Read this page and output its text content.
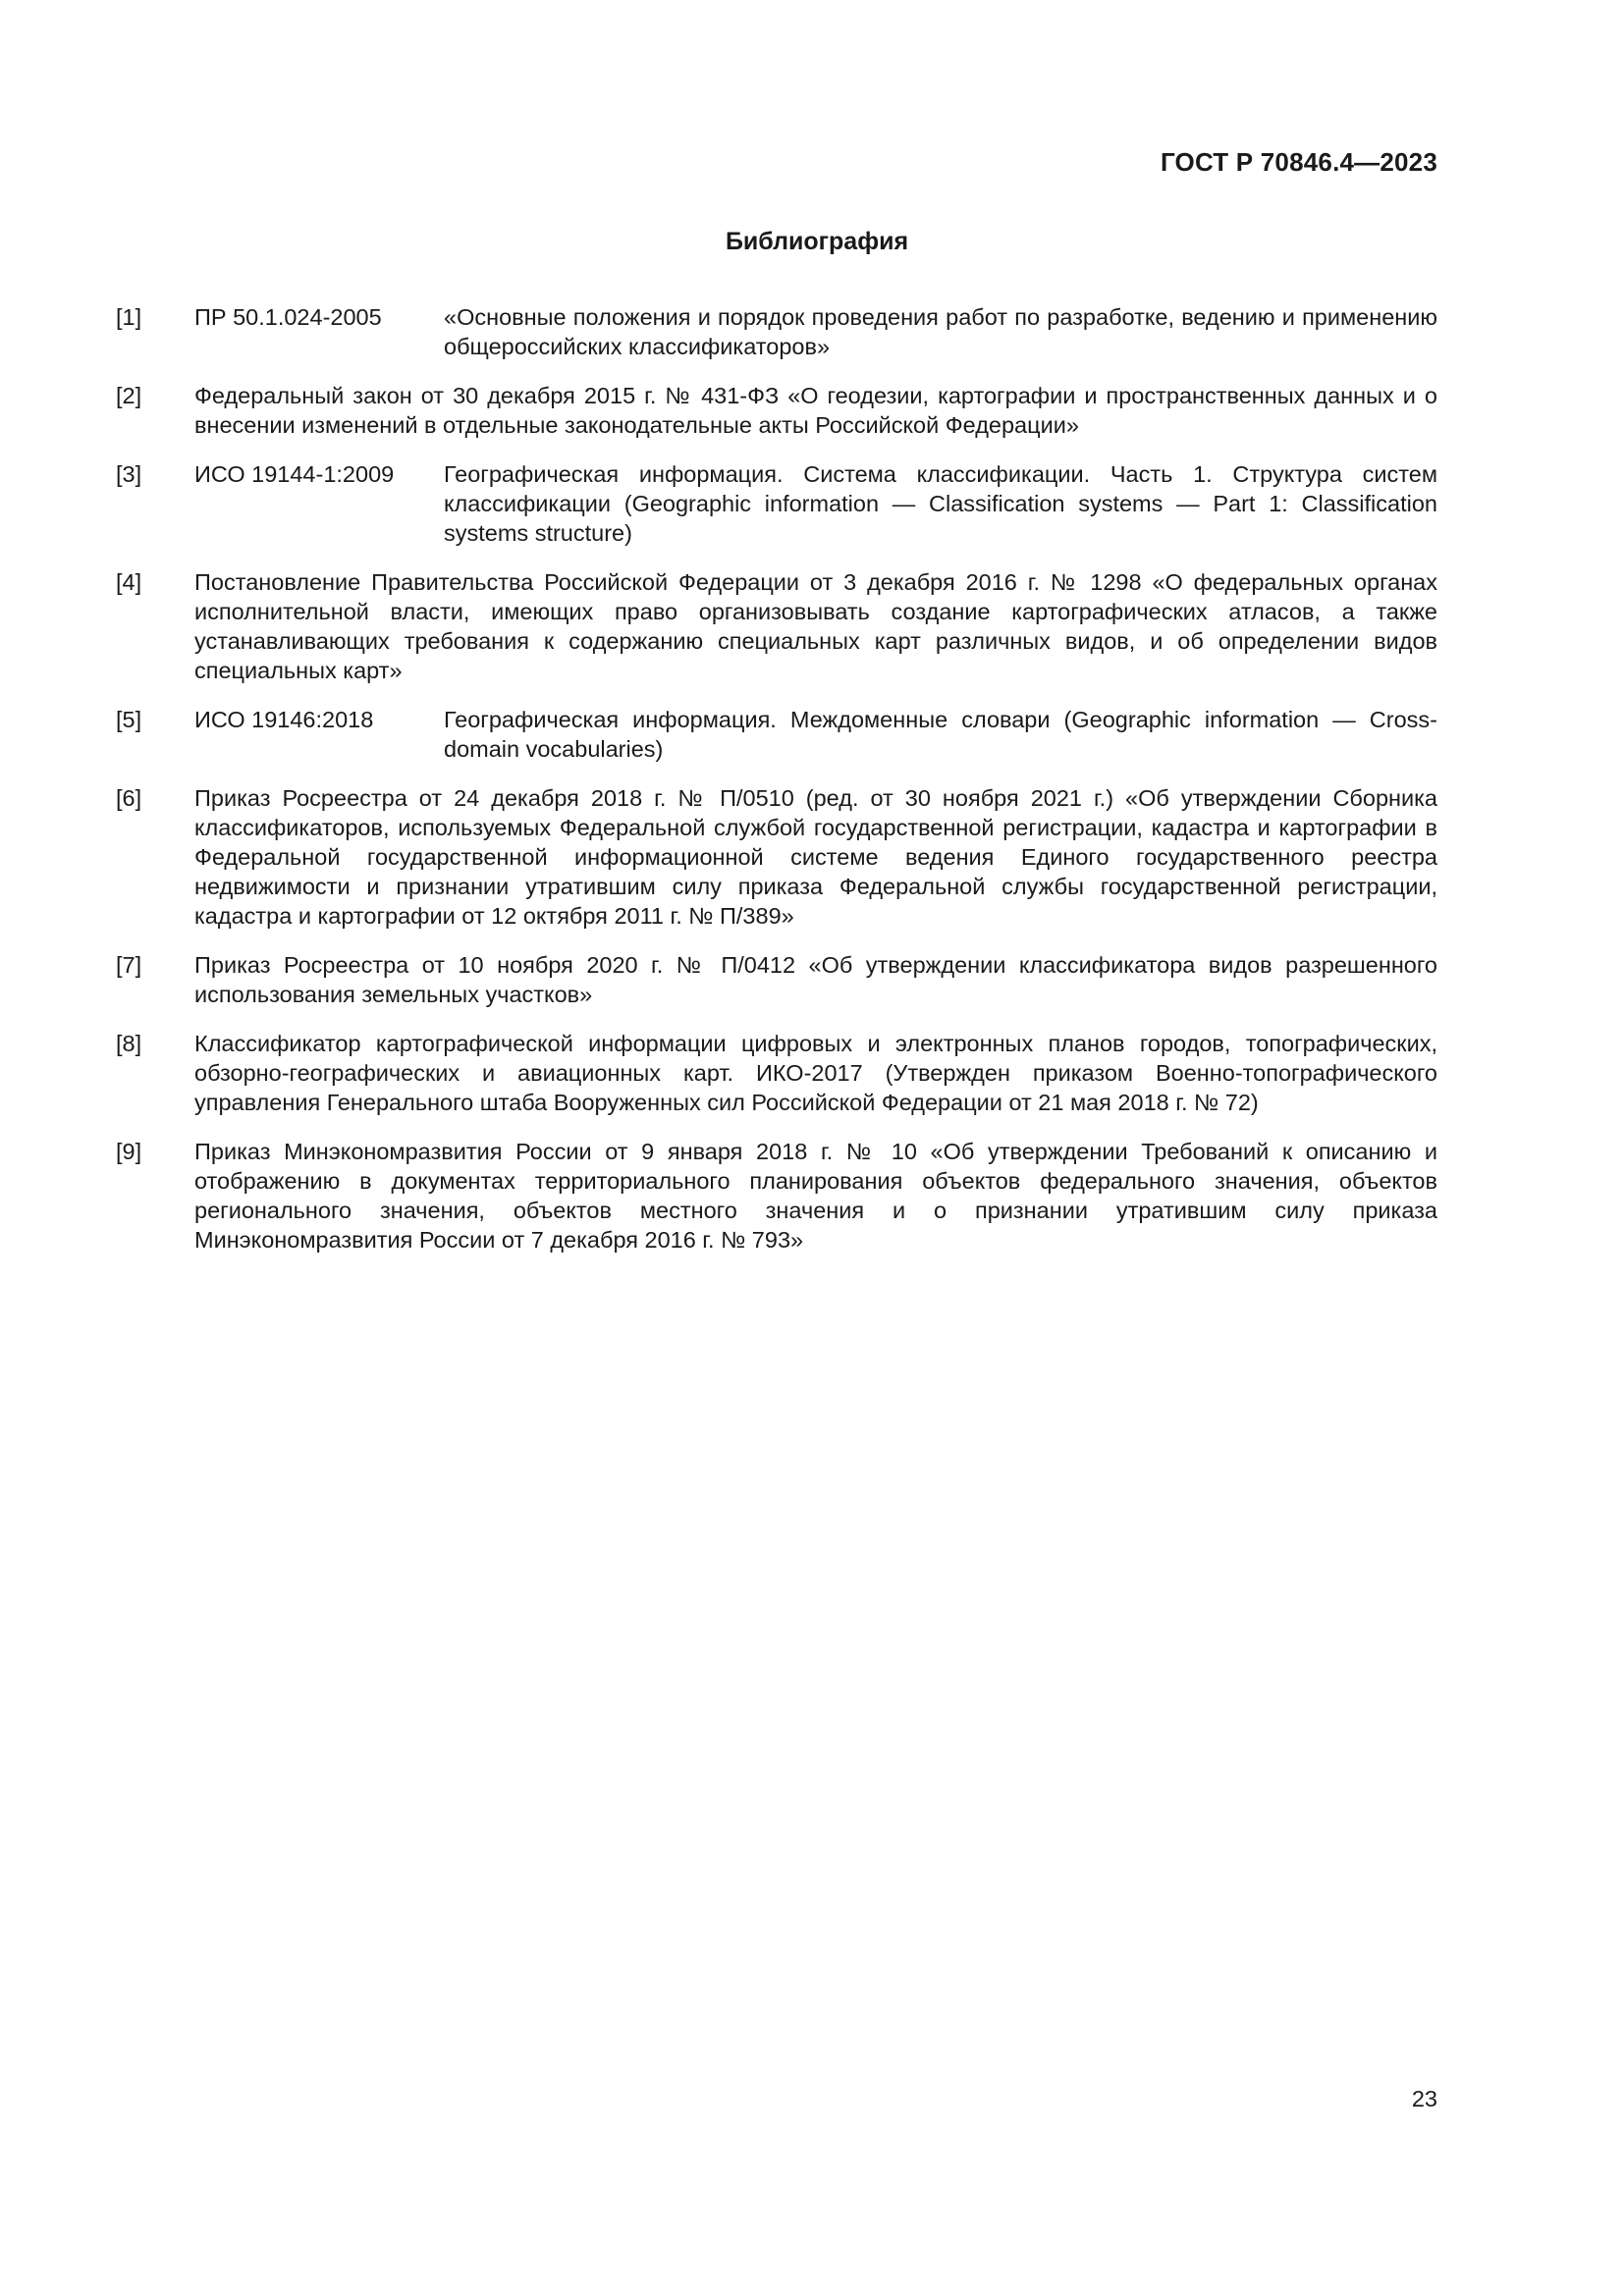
ГОСТ Р 70846.4—2023
Библиография
[1] ПР 50.1.024-2005	«Основные положения и порядок проведения работ по разработке, ведению и применению общероссийских классификаторов»
[2] Федеральный закон от 30 декабря 2015 г. № 431-ФЗ «О геодезии, картографии и пространственных данных и о внесении изменений в отдельные законодательные акты Российской Федерации»
[3] ИСО 19144-1:2009 Географическая информация. Система классификации. Часть 1. Структура систем классификации (Geographic information — Classification systems — Part 1: Classification systems structure)
[4] Постановление Правительства Российской Федерации от 3 декабря 2016 г. № 1298 «О федеральных органах исполнительной власти, имеющих право организовывать создание картографических атласов, а также устанавливающих требования к содержанию специальных карт различных видов, и об определении видов специальных карт»
[5] ИСО 19146:2018	Географическая информация. Междоменные словари (Geographic information — Cross-domain vocabularies)
[6] Приказ Росреестра от 24 декабря 2018 г. № П/0510 (ред. от 30 ноября 2021 г.) «Об утверждении Сборника классификаторов, используемых Федеральной службой государственной регистрации, кадастра и картографии в Федеральной государственной информационной системе ведения Единого государственного реестра недвижимости и признании утратившим силу приказа Федеральной службы государственной регистрации, кадастра и картографии от 12 октября 2011 г. № П/389»
[7] Приказ Росреестра от 10 ноября 2020 г. № П/0412 «Об утверждении классификатора видов разрешенного использования земельных участков»
[8] Классификатор картографической информации цифровых и электронных планов городов, топографических, обзорно-географических и авиационных карт. ИКО-2017 (Утвержден приказом Военно-топографического управления Генерального штаба Вооруженных сил Российской Федерации от 21 мая 2018 г. № 72)
[9] Приказ Минэкономразвития России от 9 января 2018 г. № 10 «Об утверждении Требований к описанию и отображению в документах территориального планирования объектов федерального значения, объектов регионального значения, объектов местного значения и о признании утратившим силу приказа Минэкономразвития России от 7 декабря 2016 г. № 793»
23
